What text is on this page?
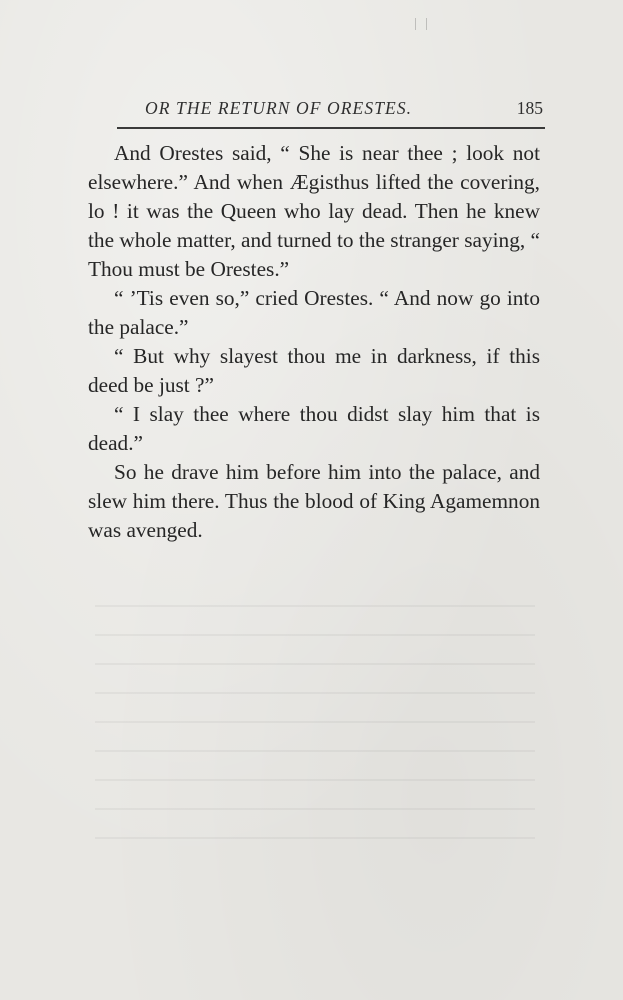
OR THE RETURN OF ORESTES.	185

And Orestes said, “ She is near thee ; look not elsewhere.” And when Ægisthus lifted the covering, lo ! it was the Queen who lay dead. Then he knew the whole matter, and turned to the stranger saying, “ Thou must be Orestes.”

“ ’Tis even so,” cried Orestes. “ And now go into the palace.”

“ But why slayest thou me in darkness, if this deed be just ?”

“ I slay thee where thou didst slay him that is dead.”

So he drave him before him into the palace, and slew him there. Thus the blood of King Agamemnon was avenged.
